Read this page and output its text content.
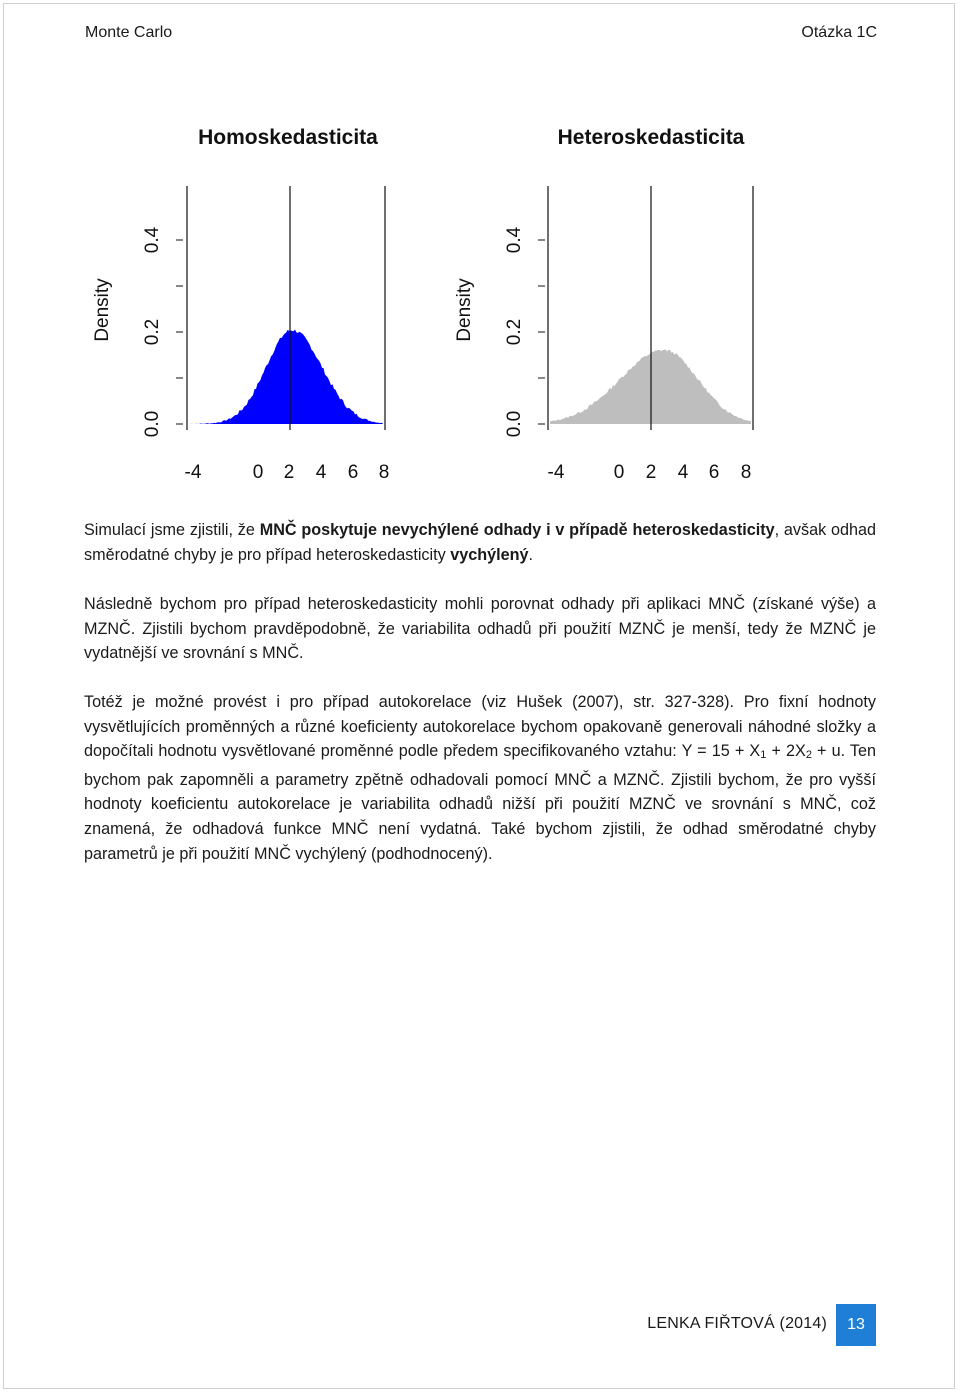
Monte Carlo	Otázka 1C
Homoskedasticita
0.0
0.2
0.4
Density
-4	0 2 4 6 8
Heteroskedasticita
0.0
0.2
0.4
Density
-4	0 2 4 6 8
Simulací jsme zjistili, že MNČ poskytuje nevychýlené odhady i v případě heteroskedasticity, avšak odhad směrodatné chyby je pro případ heteroskedasticity vychýlený.
Následně bychom pro případ heteroskedasticity mohli porovnat odhady při aplikaci MNČ (získané výše) a MZNČ. Zjistili bychom pravděpodobně, že variabilita odhadů při použití MZNČ je menší, tedy že MZNČ je vydatnější ve srovnání s MNČ.
Totéž je možné provést i pro případ autokorelace (viz Hušek (2007), str. 327-328). Pro fixní hodnoty vysvětlujících proměnných a různé koeficienty autokorelace bychom opakovaně generovali náhodné složky a dopočítali hodnotu vysvětlované proměnné podle předem specifikovaného vztahu: Y = 15 + X1 + 2X2 + u. Ten bychom pak zapomněli a parametry zpětně odhadovali pomocí MNČ a MZNČ. Zjistili bychom, že pro vyšší hodnoty koeficientu autokorelace je variabilita odhadů nižší při použití MZNČ ve srovnání s MNČ, což znamená, že odhadová funkce MNČ není vydatná. Také bychom zjistili, že odhad směrodatné chyby parametrů je při použití MNČ vychýlený (podhodnocený).
LENKA FIŘTOVÁ (2014)	13
